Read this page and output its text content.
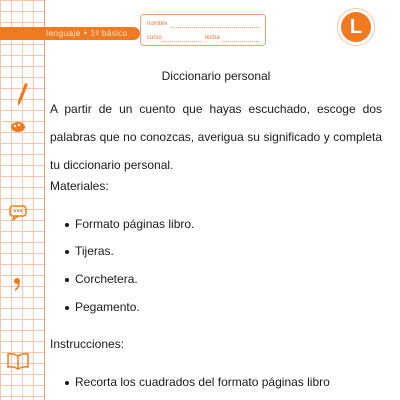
lenguaje • 1º básico
nombre
curso	fecha
L
Diccionario personal
A partir de un cuento que hayas escuchado, escoge dos palabras que no conozcas, averigua su significado y completa tu diccionario personal.
Materiales:
Formato páginas libro.
Tijeras.
Corchetera.
Pegamento.
Instrucciones:
Recorta los cuadrados del formato páginas libro
